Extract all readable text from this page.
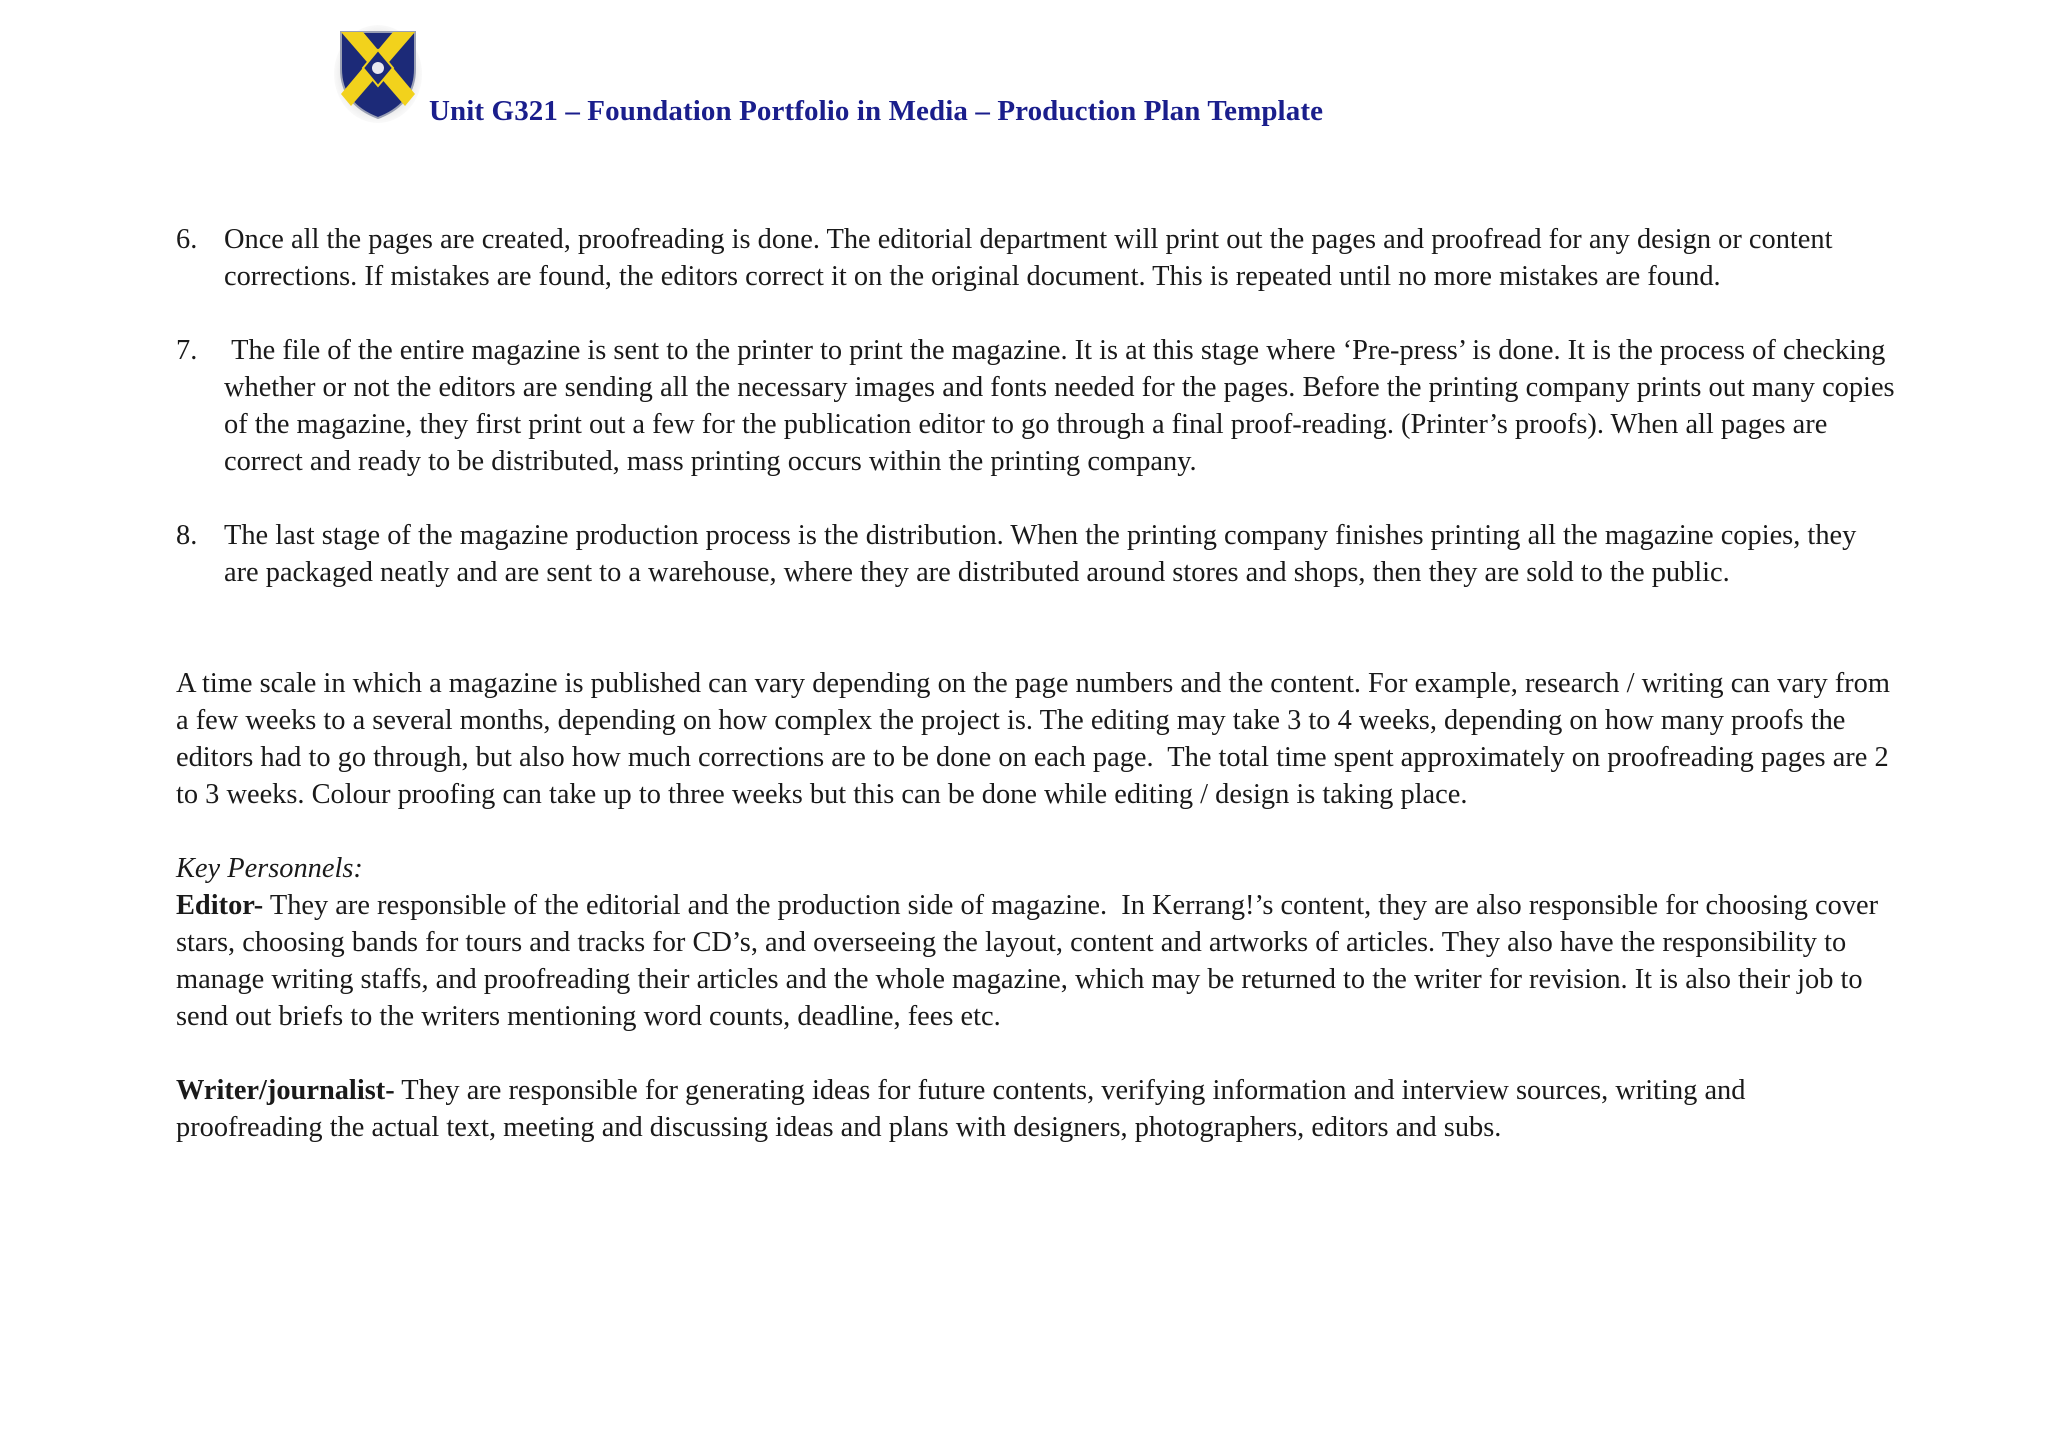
Unit G321 – Foundation Portfolio in Media – Production Plan Template
6. Once all the pages are created, proofreading is done. The editorial department will print out the pages and proofread for any design or content corrections. If mistakes are found, the editors correct it on the original document. This is repeated until no more mistakes are found.
7. The file of the entire magazine is sent to the printer to print the magazine. It is at this stage where ‘Pre-press’ is done. It is the process of checking whether or not the editors are sending all the necessary images and fonts needed for the pages. Before the printing company prints out many copies of the magazine, they first print out a few for the publication editor to go through a final proof-reading. (Printer’s proofs). When all pages are correct and ready to be distributed, mass printing occurs within the printing company.
8. The last stage of the magazine production process is the distribution. When the printing company finishes printing all the magazine copies, they are packaged neatly and are sent to a warehouse, where they are distributed around stores and shops, then they are sold to the public.

A time scale in which a magazine is published can vary depending on the page numbers and the content. For example, research / writing can vary from a few weeks to a several months, depending on how complex the project is. The editing may take 3 to 4 weeks, depending on how many proofs the editors had to go through, but also how much corrections are to be done on each page.  The total time spent approximately on proofreading pages are 2 to 3 weeks. Colour proofing can take up to three weeks but this can be done while editing / design is taking place.

Key Personnels:
Editor- They are responsible of the editorial and the production side of magazine.  In Kerrang!’s content, they are also responsible for choosing cover stars, choosing bands for tours and tracks for CD’s, and overseeing the layout, content and artworks of articles. They also have the responsibility to manage writing staffs, and proofreading their articles and the whole magazine, which may be returned to the writer for revision. It is also their job to send out briefs to the writers mentioning word counts, deadline, fees etc.

Writer/journalist- They are responsible for generating ideas for future contents, verifying information and interview sources, writing and proofreading the actual text, meeting and discussing ideas and plans with designers, photographers, editors and subs.
